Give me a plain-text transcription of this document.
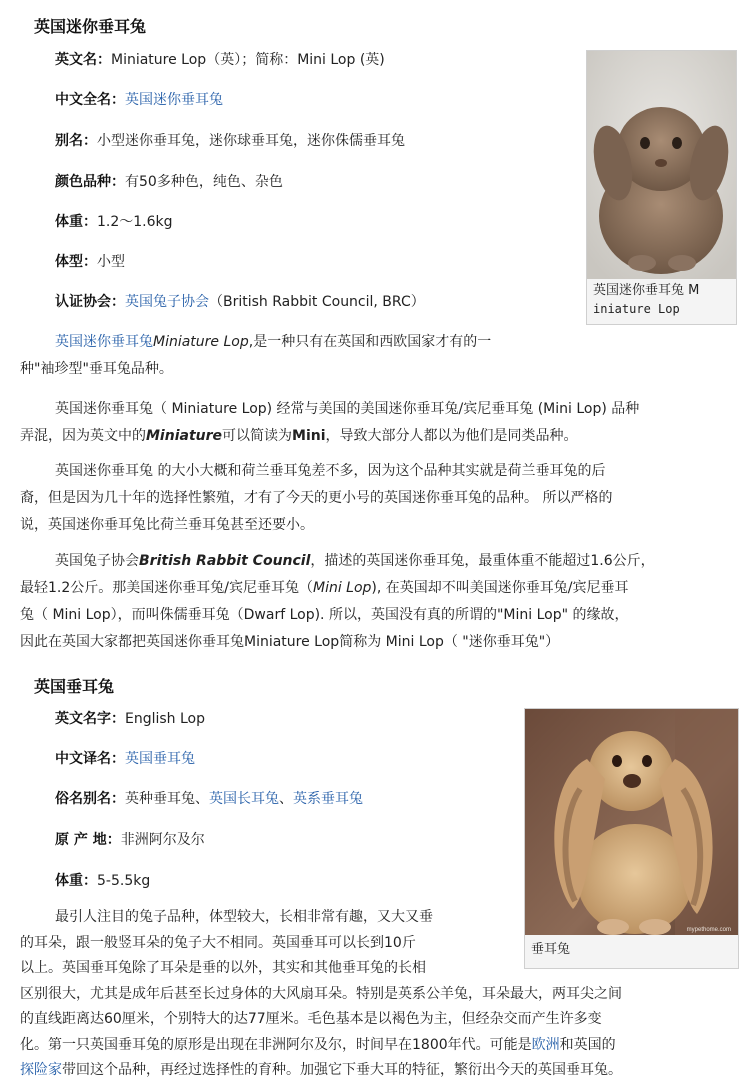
英国迷你垂耳兔
英文名：Miniature Lop（英）；简称：Mini Lop (英)
中文全名：英国迷你垂耳兔
别名：小型迷你垂耳兔，迷你球垂耳兔，迷你侏儒垂耳兔
颜色品种：有50多种色，纯色、杂色
体重：1.2～1.6kg
体型：小型
认证协会：英国兔子协会（British Rabbit Council, BRC）
英国迷你垂耳兔 M
iniature Lop
英国迷你垂耳兔Miniature Lop,是一种只有在英国和西欧国家才有的一
种"袖珍型"垂耳兔品种。
英国迷你垂耳兔（ Miniature Lop) 经常与美国的美国迷你垂耳兔/宾尼垂耳兔 (Mini Lop) 品种
弄混，因为英文中的Miniature可以简读为Mini，导致大部分人都以为他们是同类品种。
英国迷你垂耳兔 的大小大概和荷兰垂耳兔差不多，因为这个品种其实就是荷兰垂耳兔的后
裔，但是因为几十年的选择性繁殖，才有了今天的更小号的英国迷你垂耳兔的品种。 所以严格的
说，英国迷你垂耳兔比荷兰垂耳兔甚至还要小。
英国兔子协会British Rabbit Council，描述的英国迷你垂耳兔，最重体重不能超过1.6公斤，
最轻1.2公斤。那美国迷你垂耳兔/宾尼垂耳兔（Mini Lop), 在英国却不叫美国迷你垂耳兔/宾尼垂耳
兔（ Mini Lop），而叫侏儒垂耳兔（Dwarf Lop). 所以，英国没有真的所谓的"Mini Lop" 的缘故，
因此在英国大家都把英国迷你垂耳兔Miniature Lop简称为 Mini Lop（ "迷你垂耳兔"）
英国垂耳兔
英文名字：English Lop
中文译名：英国垂耳兔
俗名别名：英种垂耳兔、英国长耳兔、英系垂耳兔
原 产 地：非洲阿尔及尔
体重：5-5.5kg
mypethome.com
垂耳兔
最引人注目的兔子品种，体型较大，长相非常有趣，又大又垂
的耳朵，跟一般竖耳朵的兔子大不相同。英国垂耳可以长到10斤
以上。英国垂耳兔除了耳朵是垂的以外，其实和其他垂耳兔的长相
区别很大，尤其是成年后甚至长过身体的大风扇耳朵。特别是英系公羊兔，耳朵最大，两耳尖之间
的直线距离达60厘米，个别特大的达77厘米。毛色基本是以褐色为主，但经杂交而产生许多变
化。第一只英国垂耳兔的原形是出现在非洲阿尔及尔，时间早在1800年代。可能是欧洲和英国的
探险家带回这个品种，再经过选择性的育种。加强它下垂大耳的特征，繁衍出今天的英国垂耳兔。
